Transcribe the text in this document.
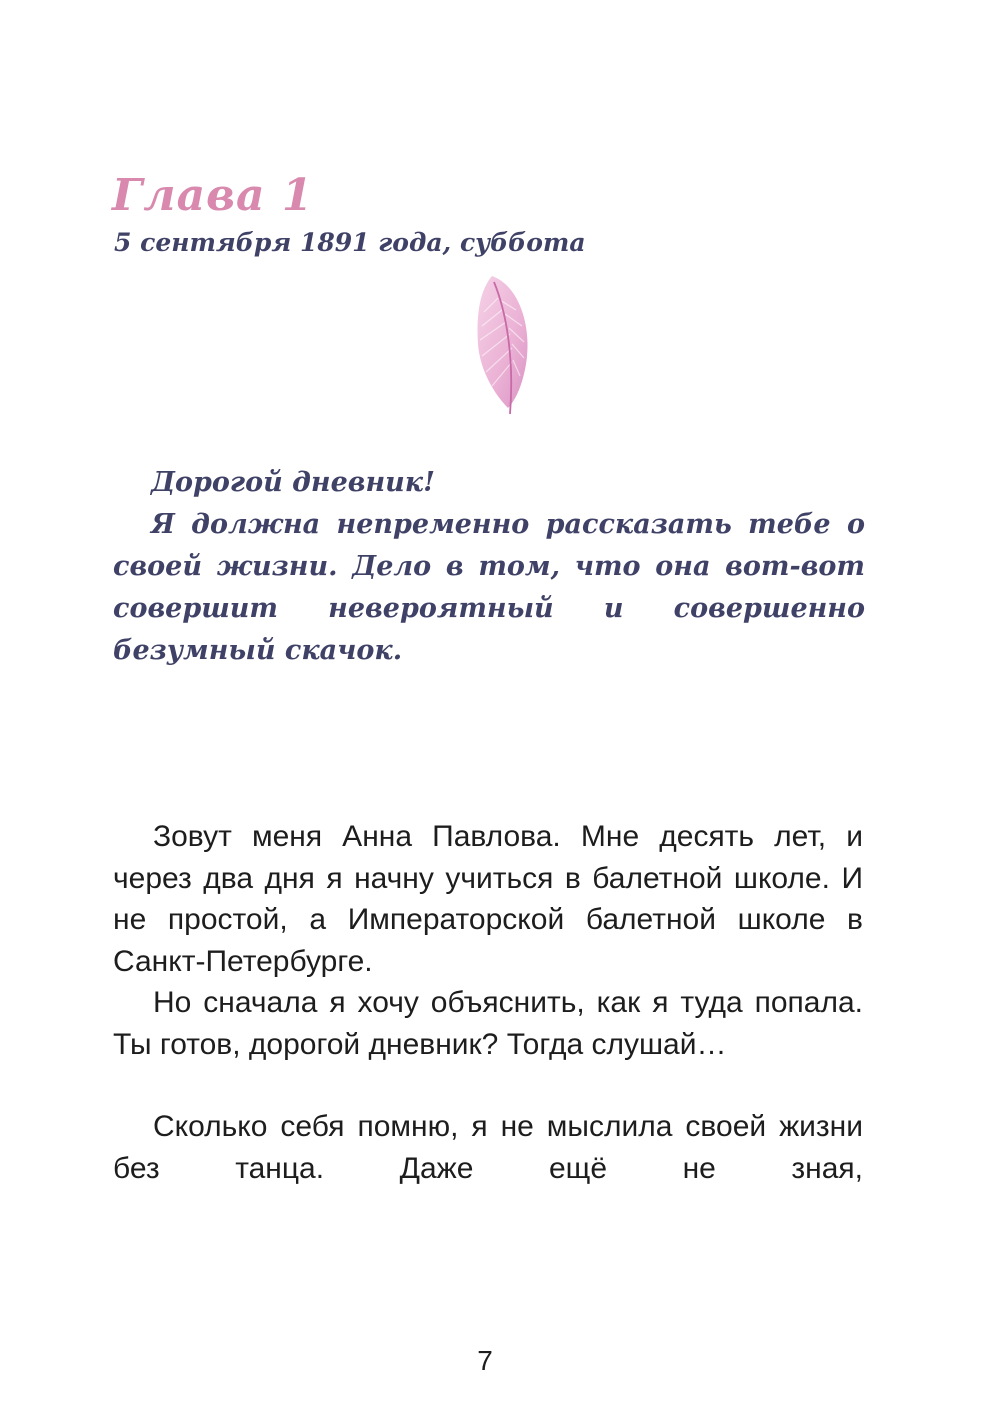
Глава 1
5 сентября 1891 года, суббота

Дорогой дневник!

Я должна непременно рассказать тебе о своей жизни. Дело в том, что она вот-вот совершит невероятный и совершенно безумный скачок.

Зовут меня Анна Павлова. Мне десять лет, и через два дня я начну учиться в балетной школе. И не простой, а Императорской балетной школе в Санкт-Петербурге.

Но сначала я хочу объяснить, как я туда попала. Ты готов, дорогой дневник? Тогда слушай…

Сколько себя помню, я не мыслила своей жизни без танца. Даже ещё не зная,

7
